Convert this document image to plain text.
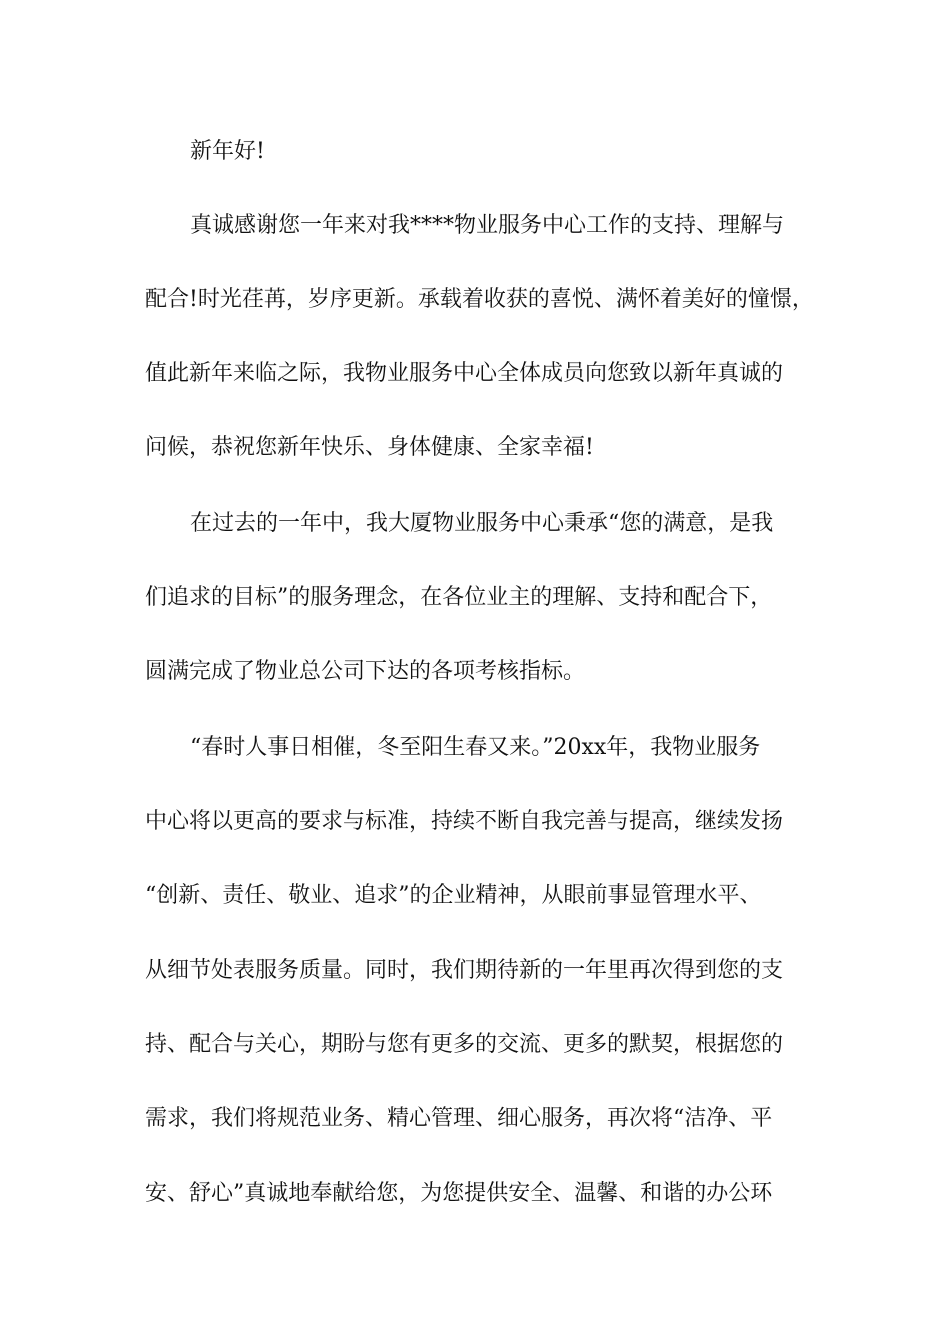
新年好!
真诚感谢您一年来对我****物业服务中心工作的支持、理解与
配合!时光荏苒，岁序更新。承载着收获的喜悦、满怀着美好的憧憬，
值此新年来临之际，我物业服务中心全体成员向您致以新年真诚的
问候，恭祝您新年快乐、身体健康、全家幸福!
在过去的一年中，我大厦物业服务中心秉承“您的满意，是我
们追求的目标”的服务理念，在各位业主的理解、支持和配合下，
圆满完成了物业总公司下达的各项考核指标。
“春时人事日相催，冬至阳生春又来。”20xx年，我物业服务
中心将以更高的要求与标准，持续不断自我完善与提高，继续发扬
“创新、责任、敬业、追求”的企业精神，从眼前事显管理水平、
从细节处表服务质量。同时，我们期待新的一年里再次得到您的支
持、配合与关心，期盼与您有更多的交流、更多的默契，根据您的
需求，我们将规范业务、精心管理、细心服务，再次将“洁净、平
安、舒心”真诚地奉献给您，为您提供安全、温馨、和谐的办公环
